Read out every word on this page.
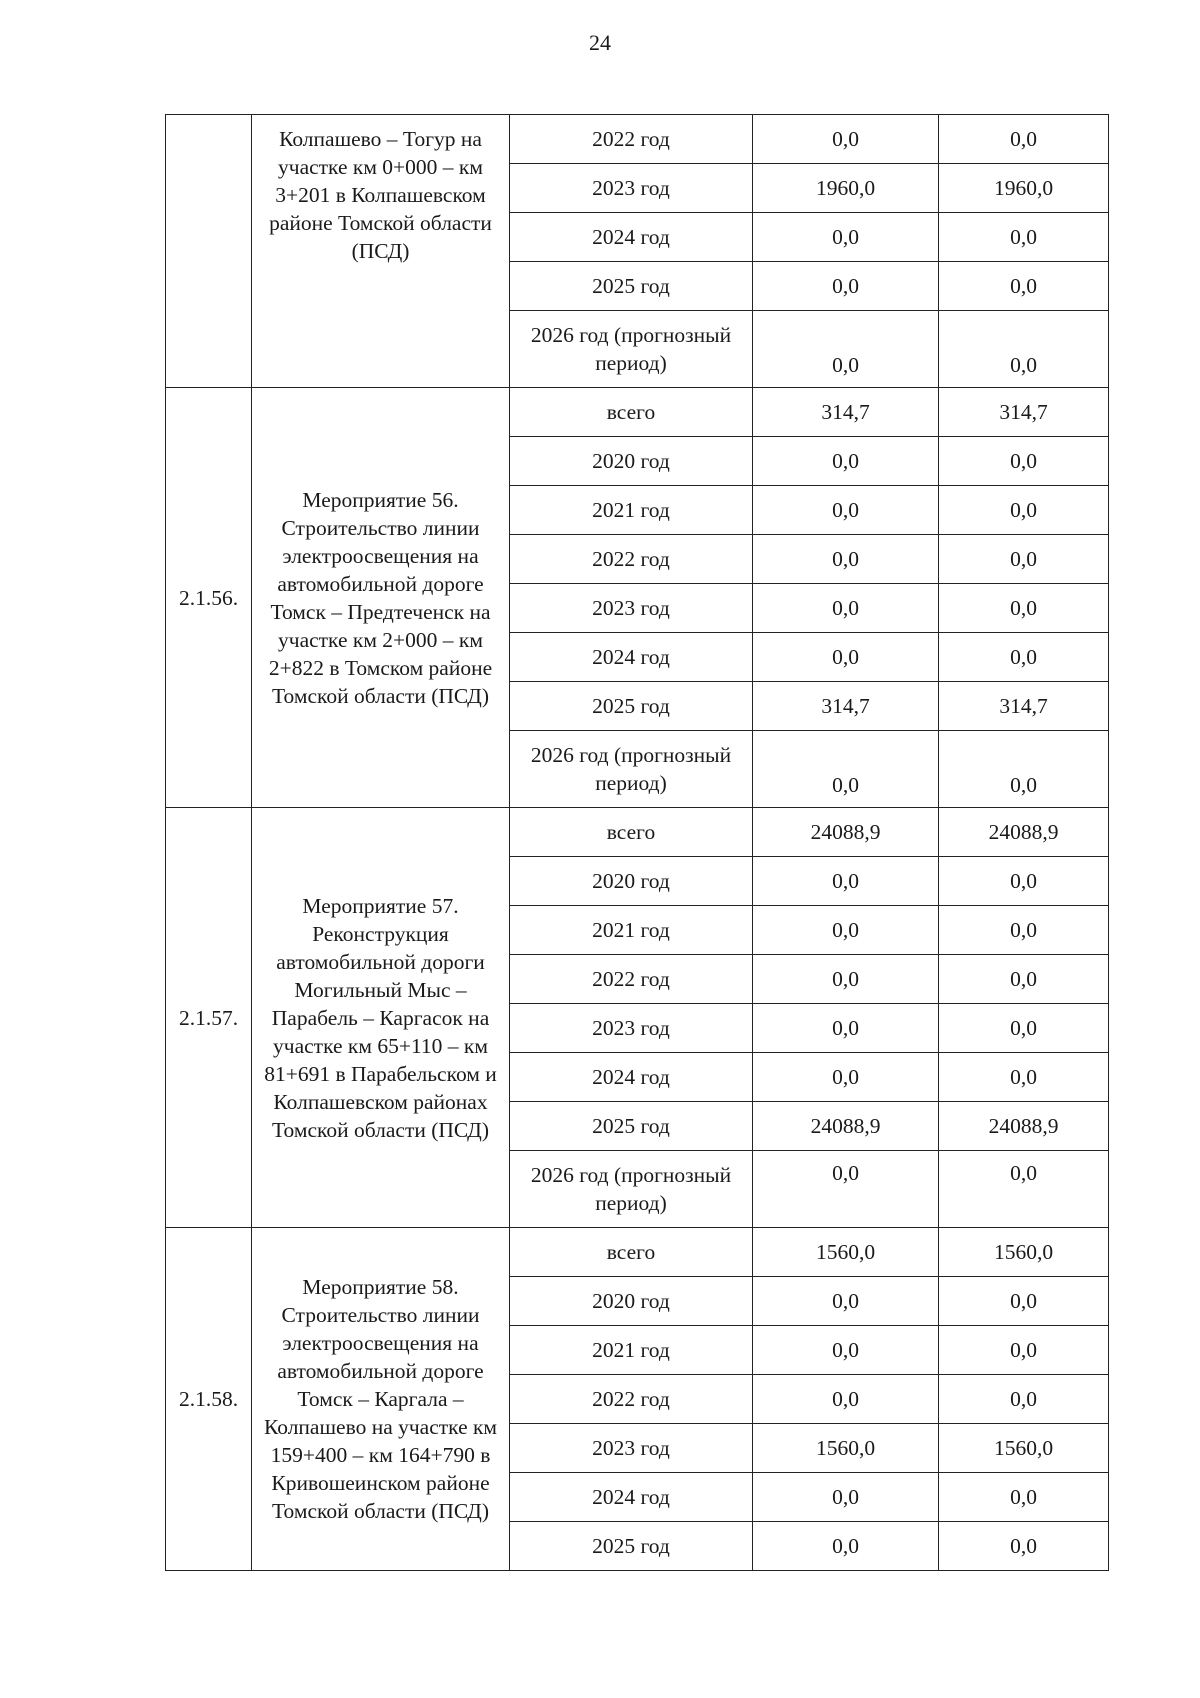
24
	Колпашево – Тогур на участке км 0+000 – км 3+201 в Колпашевском районе Томской области (ПСД)	2022 год	0,0	0,0
		2023 год	1960,0	1960,0
		2024 год	0,0	0,0
		2025 год	0,0	0,0
		2026 год (прогнозный период)	0,0	0,0
2.1.56.	Мероприятие 56. Строительство линии электроосвещения на автомобильной дороге Томск – Предтеченск на участке км 2+000 – км 2+822 в Томском районе Томской области (ПСД)	всего	314,7	314,7
		2020 год	0,0	0,0
		2021 год	0,0	0,0
		2022 год	0,0	0,0
		2023 год	0,0	0,0
		2024 год	0,0	0,0
		2025 год	314,7	314,7
		2026 год (прогнозный период)	0,0	0,0
2.1.57.	Мероприятие 57. Реконструкция автомобильной дороги Могильный Мыс – Парабель – Каргасок на участке км 65+110 – км 81+691 в Парабельском и Колпашевском районах Томской области (ПСД)	всего	24088,9	24088,9
		2020 год	0,0	0,0
		2021 год	0,0	0,0
		2022 год	0,0	0,0
		2023 год	0,0	0,0
		2024 год	0,0	0,0
		2025 год	24088,9	24088,9
		2026 год (прогнозный период)	0,0	0,0
2.1.58.	Мероприятие 58. Строительство линии электроосвещения на автомобильной дороге Томск – Каргала – Колпашево на участке км 159+400 – км 164+790 в Кривошеинском районе Томской области (ПСД)	всего	1560,0	1560,0
		2020 год	0,0	0,0
		2021 год	0,0	0,0
		2022 год	0,0	0,0
		2023 год	1560,0	1560,0
		2024 год	0,0	0,0
		2025 год	0,0	0,0
